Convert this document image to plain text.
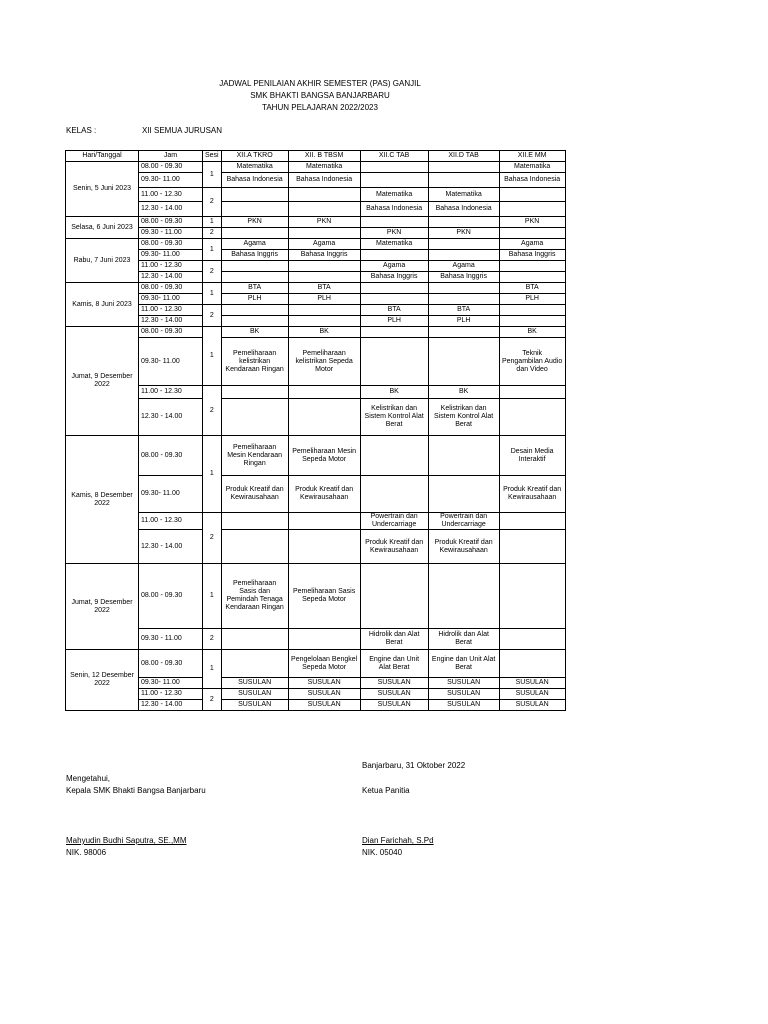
JADWAL PENILAIAN AKHIR SEMESTER (PAS) GANJIL
SMK BHAKTI BANGSA BANJARBARU
TAHUN PELAJARAN 2022/2023
KELAS :	XII SEMUA JURUSAN
Hari/Tanggal	Jam	Sesi	XII.A TKRO	XII. B TBSM	XII.C TAB	XII.D TAB	XII.E MM
Senin, 5 Juni 2023	08.00 - 09.30	1	Matematika	Matematika			Matematika
	09.30- 11.00		Bahasa Indonesia	Bahasa Indonesia			Bahasa Indonesia
	11.00 - 12.30	2			Matematika	Matematika	
	12.30 - 14.00				Bahasa Indonesia	Bahasa Indonesia	
Selasa, 6 Juni 2023	08.00 - 09.30	1	PKN	PKN			PKN
	09.30 - 11.00	2			PKN	PKN	
Rabu, 7 Juni 2023	08.00 - 09.30	1	Agama	Agama	Matematika		Agama
	09.30- 11.00		Bahasa Inggris	Bahasa Inggris			Bahasa Inggris
	11.00 - 12.30	2			Agama	Agama	
	12.30 - 14.00				Bahasa Inggris	Bahasa Inggris	
Kamis, 8 Juni 2023	08.00 - 09.30	1	BTA	BTA			BTA
	09.30- 11.00		PLH	PLH			PLH
	11.00 - 12.30	2			BTA	BTA	
	12.30 - 14.00				PLH	PLH	
Jumat, 9 Desember 2022	08.00 - 09.30	1	BK	BK			BK
	09.30- 11.00		Pemeliharaan kelistrikan Kendaraan Ringan	Pemeliharaan kelistrikan Sepeda Motor			Teknik Pengambilan Audio dan Video
	11.00 - 12.30	2			BK	BK	
	12.30 - 14.00				Kelistrikan dan Sistem Kontrol Alat Berat	Kelistrikan dan Sistem Kontrol Alat Berat	
Kamis, 8 Desember 2022	08.00 - 09.30	1	Pemeliharaan Mesin Kendaraan Ringan	Pemeliharaan Mesin Sepeda Motor			Desain Media Interaktif
	09.30- 11.00		Produk Kreatif dan Kewirausahaan	Produk Kreatif dan Kewirausahaan			Produk Kreatif dan Kewirausahaan
	11.00 - 12.30	2			Powertrain dan Undercarriage	Powertrain dan Undercarriage	
	12.30 - 14.00				Produk Kreatif dan Kewirausahaan	Produk Kreatif dan Kewirausahaan	
Jumat, 9 Desember 2022	08.00 - 09.30	1	Pemeliharaan Sasis dan Pemindah Tenaga Kendaraan Ringan	Pemeliharaan Sasis Sepeda Motor			
	09.30 - 11.00	2			Hidrolik dan Alat Berat	Hidrolik dan Alat Berat	
Senin, 12 Desember 2022	08.00 - 09.30	1		Pengelolaan Bengkel Sepeda Motor	Engine dan Unit Alat Berat	Engine dan Unit Alat Berat	
	09.30- 11.00		SUSULAN	SUSULAN	SUSULAN	SUSULAN	SUSULAN
	11.00 - 12.30	2	SUSULAN	SUSULAN	SUSULAN	SUSULAN	SUSULAN
	12.30 - 14.00		SUSULAN	SUSULAN	SUSULAN	SUSULAN	SUSULAN
Banjarbaru, 31 Oktober 2022
Mengetahui,
Kepala SMK Bhakti Bangsa Banjarbaru	Ketua Panitia
Mahyudin Budhi Saputra, SE.,MM
NIK. 98006
Dian Farichah, S.Pd
NIK. 05040
